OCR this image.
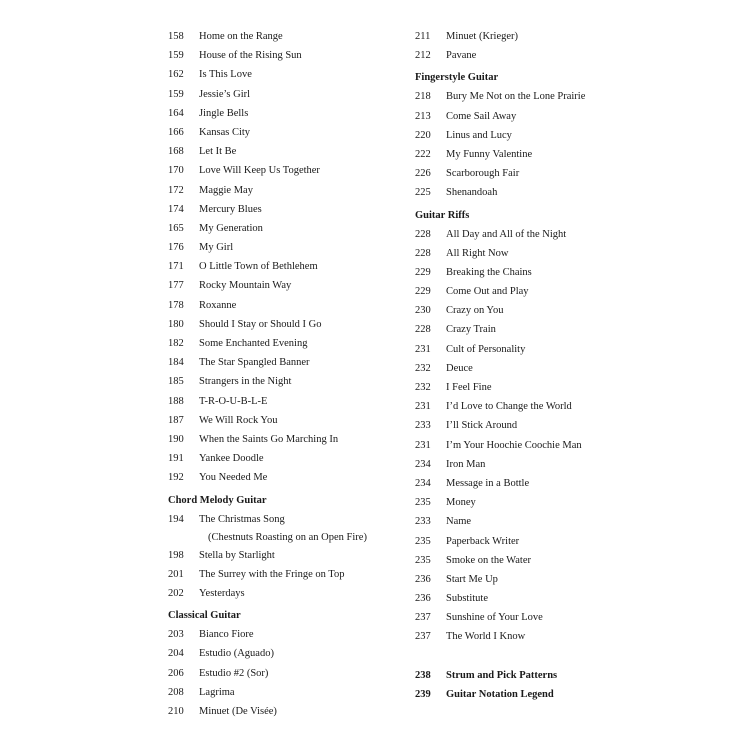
158	Home on the Range
159	House of the Rising Sun
162	Is This Love
159	Jessie’s Girl
164	Jingle Bells
166	Kansas City
168	Let It Be
170	Love Will Keep Us Together
172	Maggie May
174	Mercury Blues
165	My Generation
176	My Girl
171	O Little Town of Bethlehem
177	Rocky Mountain Way
178	Roxanne
180	Should I Stay or Should I Go
182	Some Enchanted Evening
184	The Star Spangled Banner
185	Strangers in the Night
188	T-R-O-U-B-L-E
187	We Will Rock You
190	When the Saints Go Marching In
191	Yankee Doodle
192	You Needed Me
Chord Melody Guitar
194	The Christmas Song
(Chestnuts Roasting on an Open Fire)
198	Stella by Starlight
201	The Surrey with the Fringe on Top
202	Yesterdays
Classical Guitar
203	Bianco Fiore
204	Estudio (Aguado)
206	Estudio #2 (Sor)
208	Lagrima
210	Minuet (De Visée)
211	Minuet (Krieger)
212	Pavane
Fingerstyle Guitar
218	Bury Me Not on the Lone Prairie
213	Come Sail Away
220	Linus and Lucy
222	My Funny Valentine
226	Scarborough Fair
225	Shenandoah
Guitar Riffs
228	All Day and All of the Night
228	All Right Now
229	Breaking the Chains
229	Come Out and Play
230	Crazy on You
228	Crazy Train
231	Cult of Personality
232	Deuce
232	I Feel Fine
231	I’d Love to Change the World
233	I’ll Stick Around
231	I’m Your Hoochie Coochie Man
234	Iron Man
234	Message in a Bottle
235	Money
233	Name
235	Paperback Writer
235	Smoke on the Water
236	Start Me Up
236	Substitute
237	Sunshine of Your Love
237	The World I Know
238	Strum and Pick Patterns
239	Guitar Notation Legend
